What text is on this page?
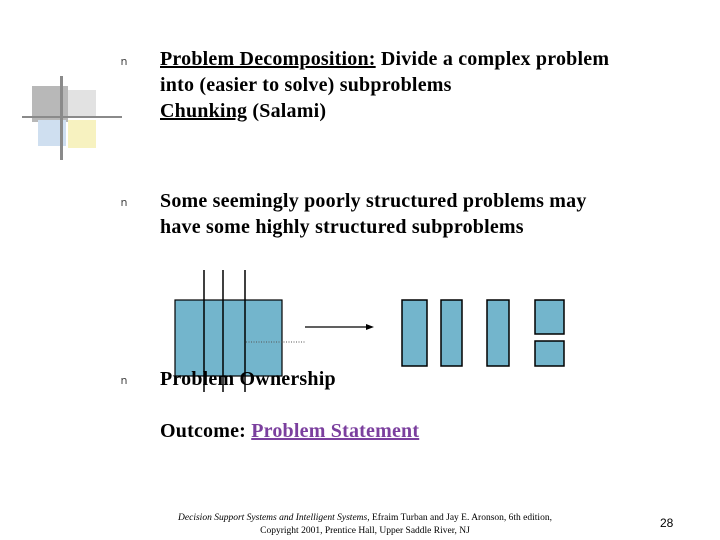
n Problem Decomposition: Divide a complex problem
into (easier to solve) subproblems
Chunking (Salami)
n Some seemingly poorly structured problems may
have some highly structured subproblems
n Problem Ownership
Outcome: Problem Statement
Decision Support Systems and Intelligent Systems, Efraim Turban and Jay E. Aronson, 6th edition,
Copyright 2001, Prentice Hall, Upper Saddle River, NJ
28
